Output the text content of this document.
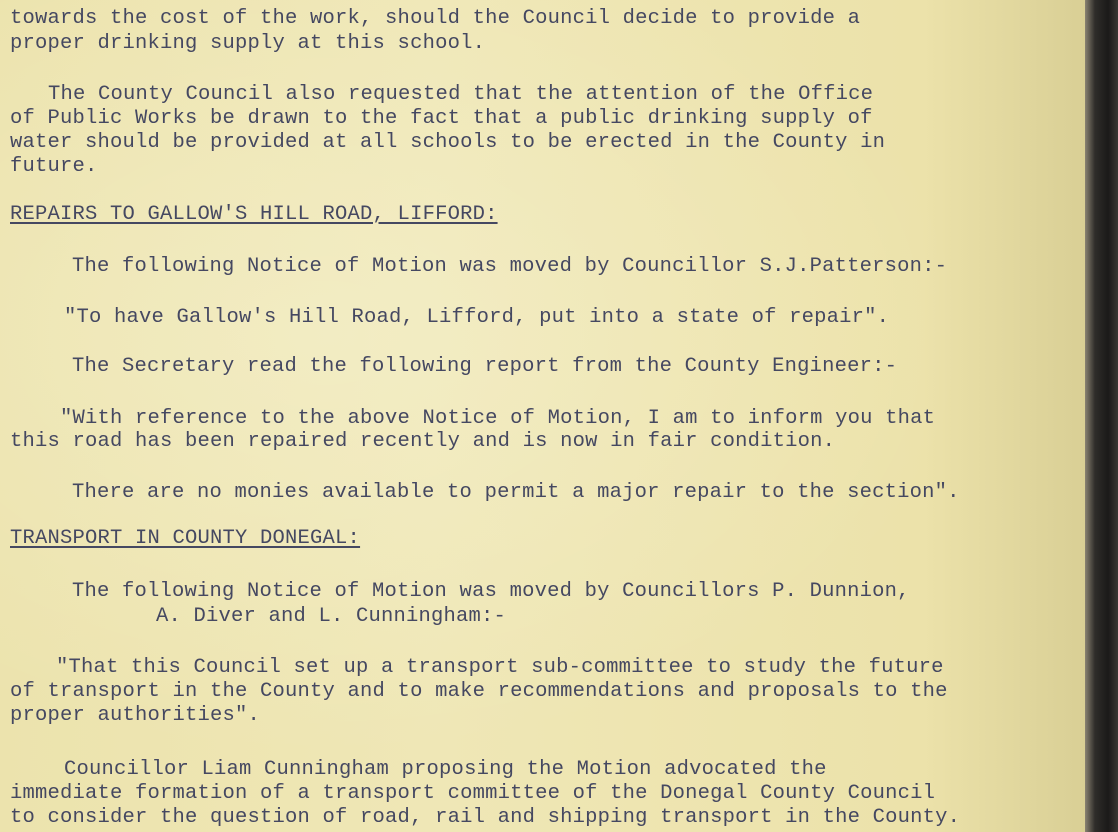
towards the cost of the work, should the Council decide to provide a
proper drinking supply at this school.
The County Council also requested that the attention of the Office
of Public Works be drawn to the fact that a public drinking supply of
water should be provided at all schools to be erected in the County in
future.
REPAIRS TO GALLOW'S HILL ROAD, LIFFORD:
The following Notice of Motion was moved by Councillor S.J.Patterson:-
"To have Gallow's Hill Road, Lifford, put into a state of repair".
The Secretary read the following report from the County Engineer:-
"With reference to the above Notice of Motion, I am to inform you that
this road has been repaired recently and is now in fair condition.
There are no monies available to permit a major repair to the section".
TRANSPORT IN COUNTY DONEGAL:
The following Notice of Motion was moved by Councillors P. Dunnion,
A. Diver and L. Cunningham:-
"That this Council set up a transport sub-committee to study the future
of transport in the County and to make recommendations and proposals to the
proper authorities".
Councillor Liam Cunningham proposing the Motion advocated the
immediate formation of a transport committee of the Donegal County Council
to consider the question of road, rail and shipping transport in the County.
